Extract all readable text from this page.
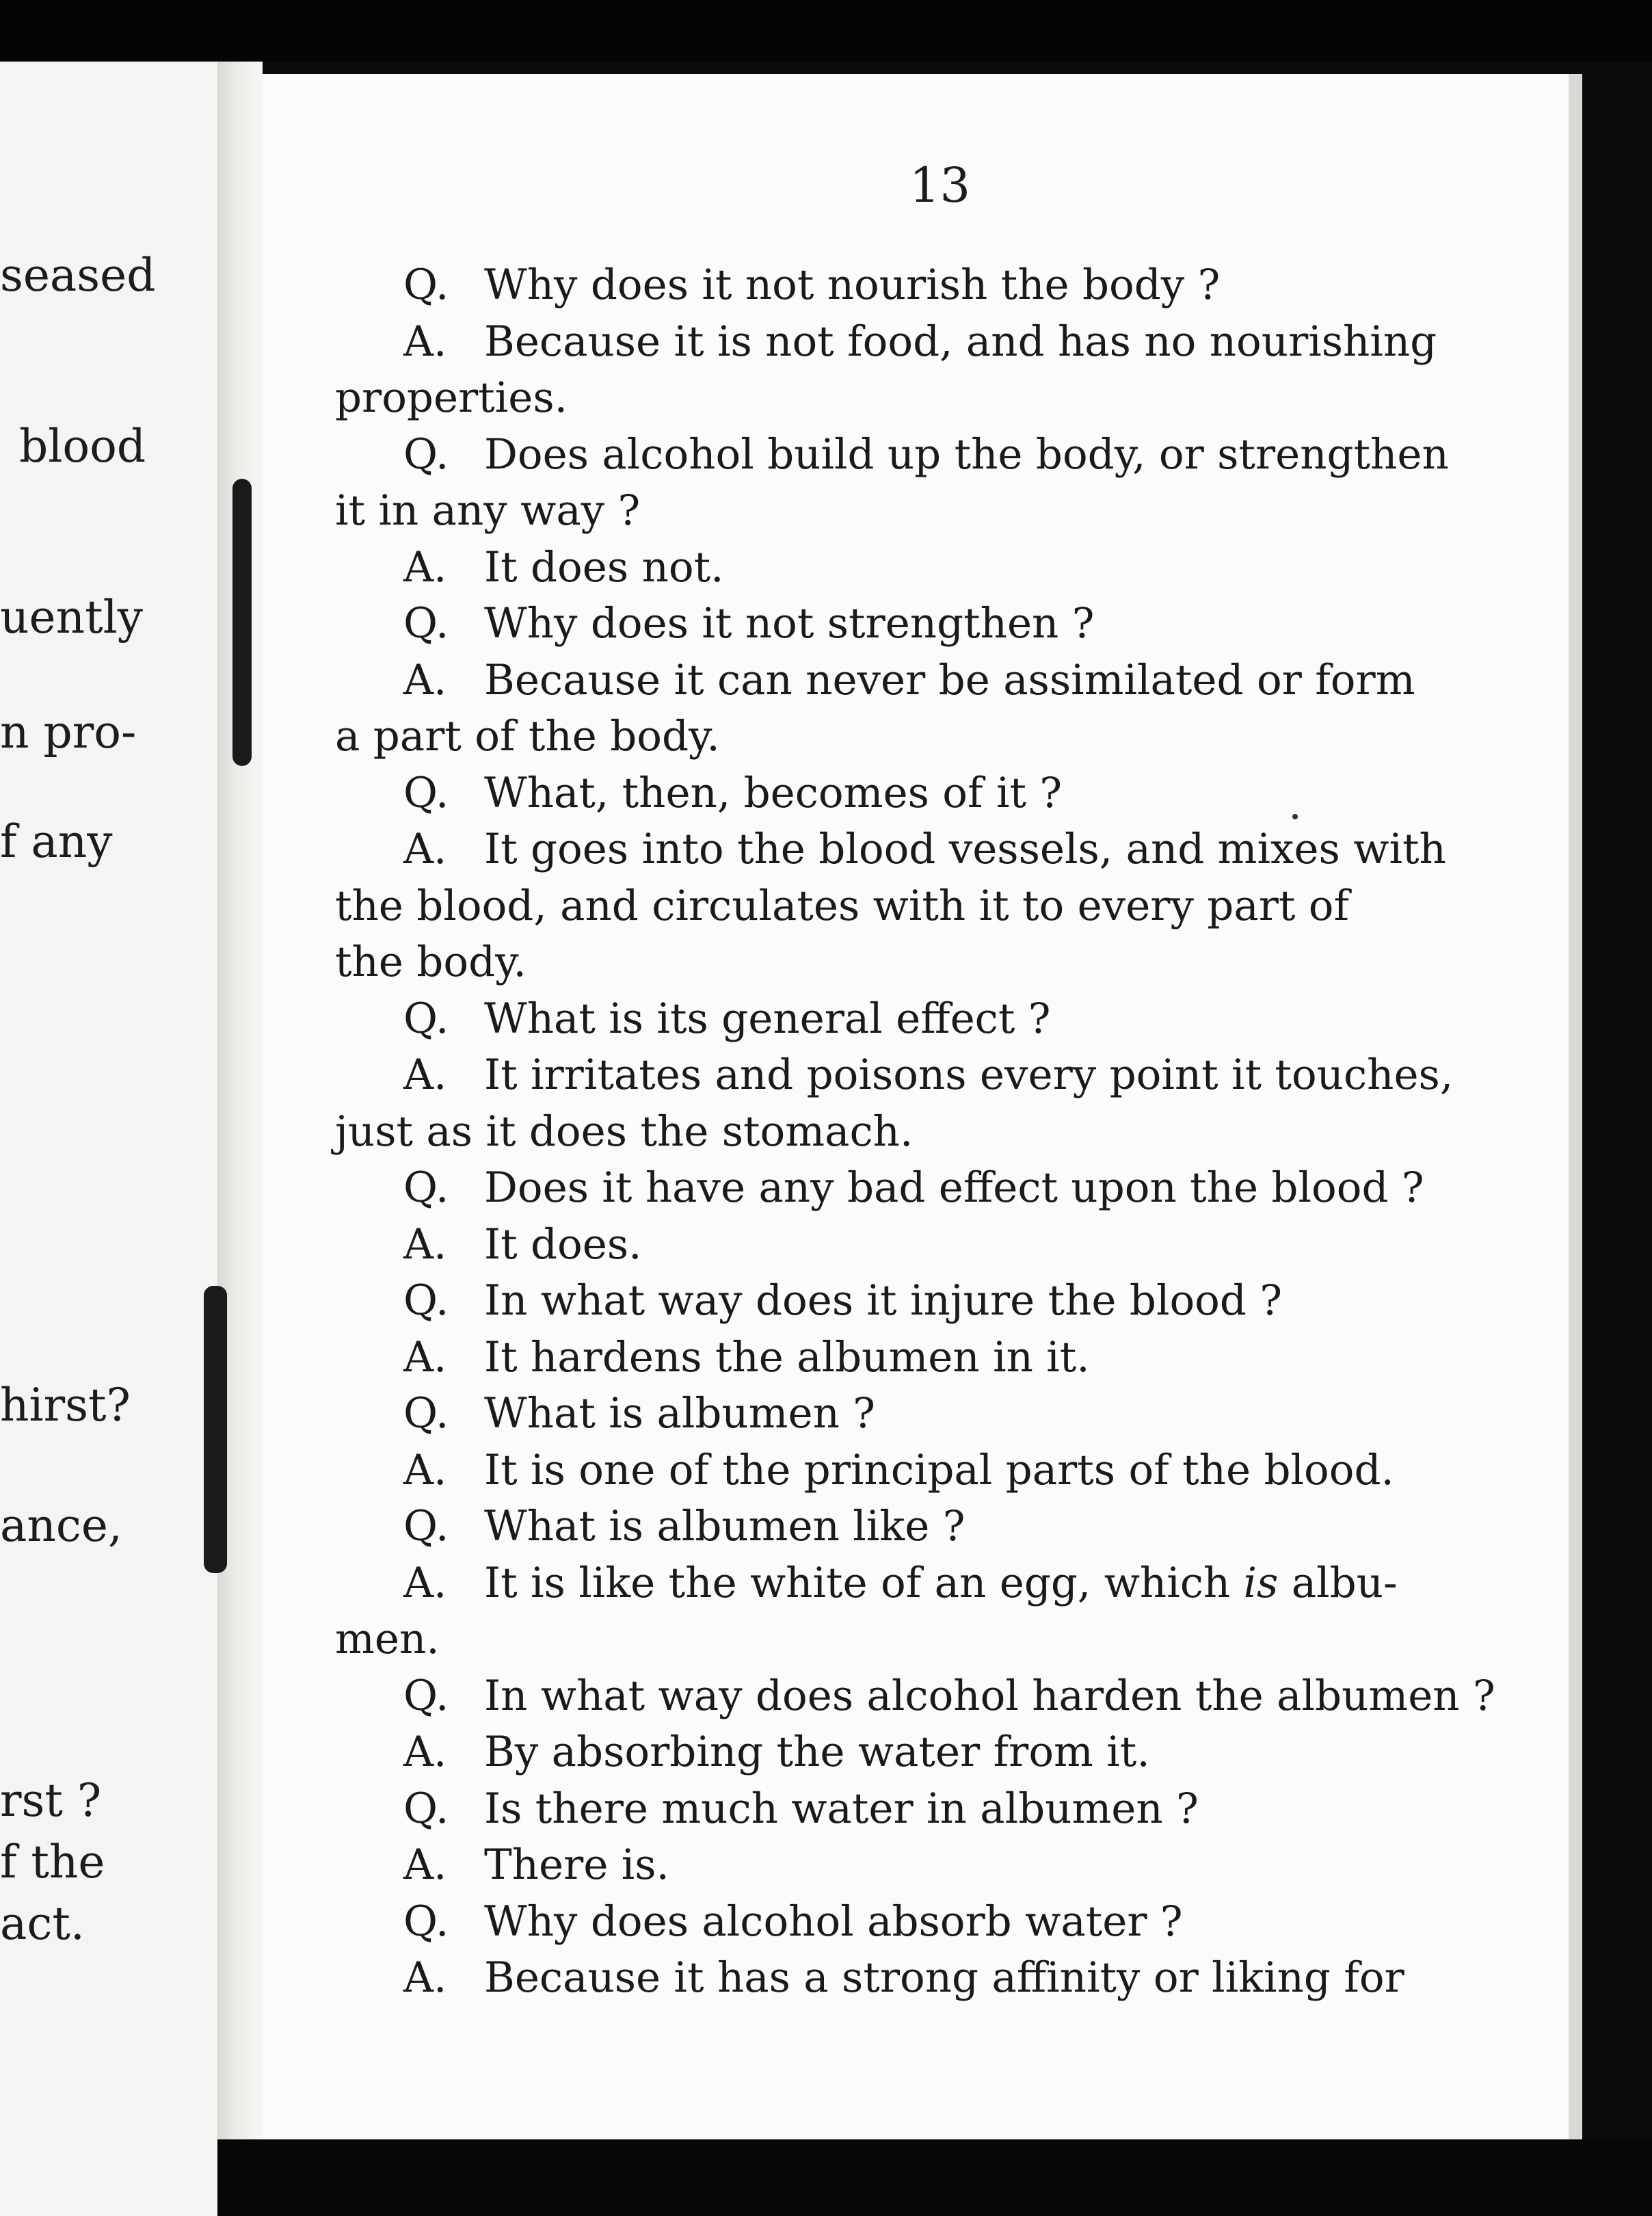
seased
blood
uently
n pro-
f any
hirst?
ance,
rst ?
f the
act.
13
Q. Why does it not nourish the body ?
A. Because it is not food, and has no nourishing
properties.
Q. Does alcohol build up the body, or strengthen
it in any way ?
A. It does not.
Q. Why does it not strengthen ?
A. Because it can never be assimilated or form
a part of the body.
Q. What, then, becomes of it ?
A. It goes into the blood vessels, and mixes with
the blood, and circulates with it to every part of
the body.
Q. What is its general effect ?
A. It irritates and poisons every point it touches,
just as it does the stomach.
Q. Does it have any bad effect upon the blood ?
A. It does.
Q. In what way does it injure the blood ?
A. It hardens the albumen in it.
Q. What is albumen ?
A. It is one of the principal parts of the blood.
Q. What is albumen like ?
A. It is like the white of an egg, which is albu-
men.
Q. In what way does alcohol harden the albumen ?
A. By absorbing the water from it.
Q. Is there much water in albumen ?
A. There is.
Q. Why does alcohol absorb water ?
A. Because it has a strong affinity or liking for
